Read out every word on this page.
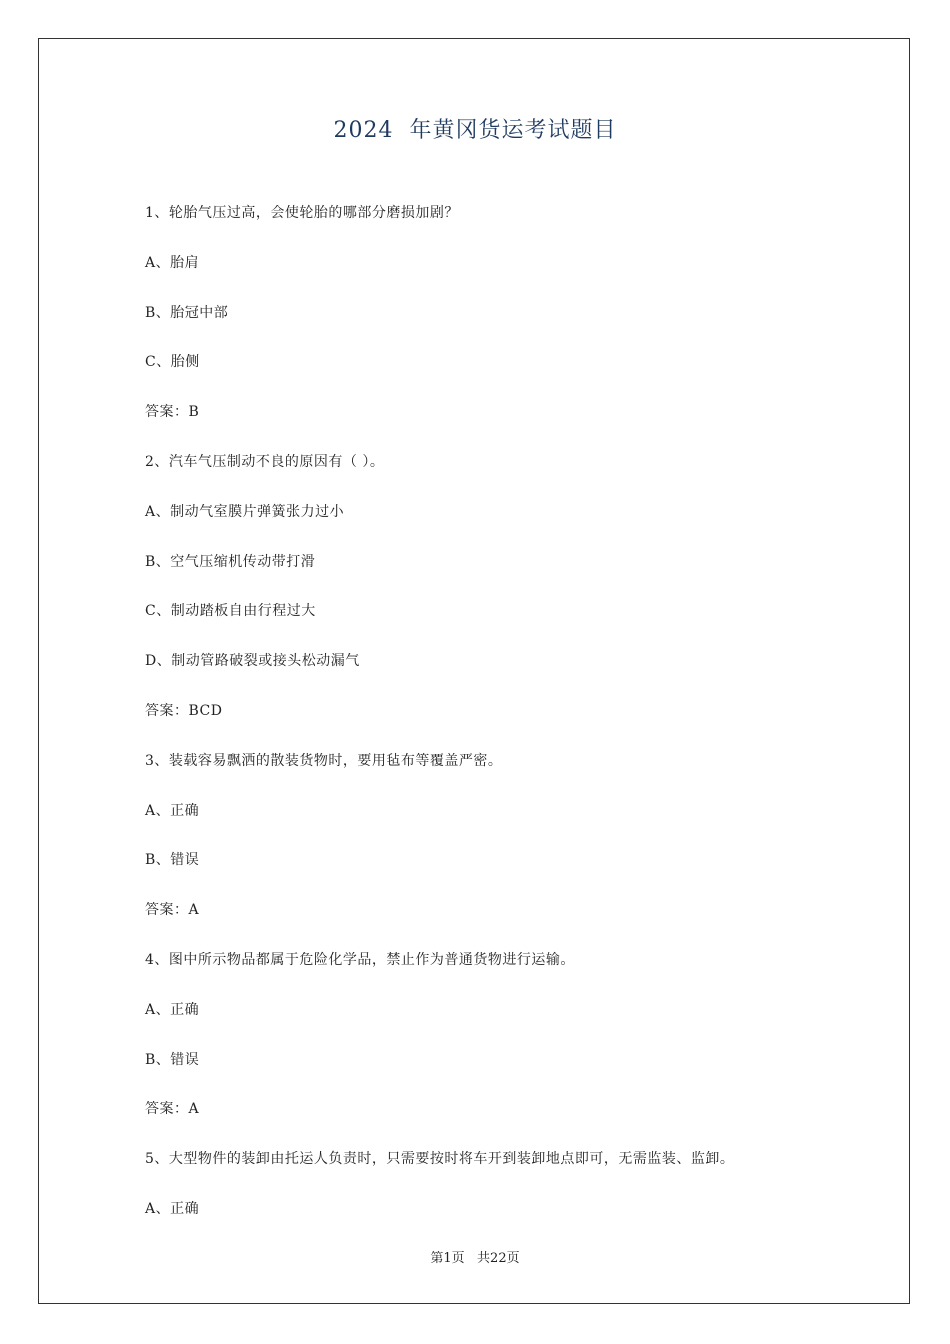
2024  年黄冈货运考试题目
1、轮胎气压过高，会使轮胎的哪部分磨损加剧？
A、胎肩
B、胎冠中部
C、胎侧
答案：B
2、汽车气压制动不良的原因有（ ）。
A、制动气室膜片弹簧张力过小
B、空气压缩机传动带打滑
C、制动踏板自由行程过大
D、制动管路破裂或接头松动漏气
答案：BCD
3、装载容易飘洒的散装货物时，要用毡布等覆盖严密。
A、正确
B、错误
答案：A
4、图中所示物品都属于危险化学品，禁止作为普通货物进行运输。
A、正确
B、错误
答案：A
5、大型物件的装卸由托运人负责时，只需要按时将车开到装卸地点即可，无需监装、监卸。
A、正确
第1页   共22页
